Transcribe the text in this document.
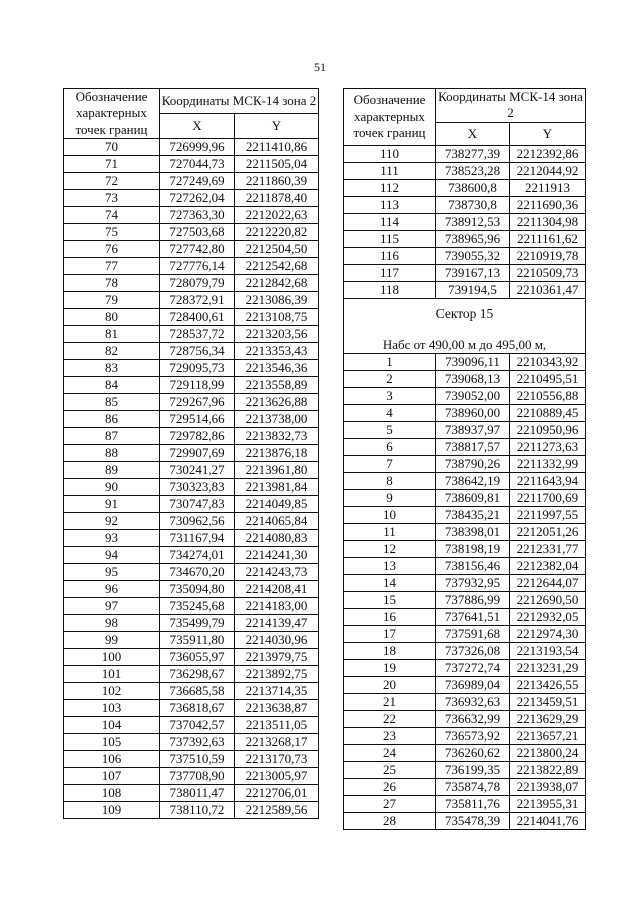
51
Обозначение характерных точек границ	Координаты МСК-14 зона 2	
	X	Y
70	726999,96	2211410,86
71	727044,73	2211505,04
72	727249,69	2211860,39
73	727262,04	2211878,40
74	727363,30	2212022,63
75	727503,68	2212220,82
76	727742,80	2212504,50
77	727776,14	2212542,68
78	728079,79	2212842,68
79	728372,91	2213086,39
80	728400,61	2213108,75
81	728537,72	2213203,56
82	728756,34	2213353,43
83	729095,73	2213546,36
84	729118,99	2213558,89
85	729267,96	2213626,88
86	729514,66	2213738,00
87	729782,86	2213832,73
88	729907,69	2213876,18
89	730241,27	2213961,80
90	730323,83	2213981,84
91	730747,83	2214049,85
92	730962,56	2214065,84
93	731167,94	2214080,83
94	734274,01	2214241,30
95	734670,20	2214243,73
96	735094,80	2214208,41
97	735245,68	2214183,00
98	735499,79	2214139,47
99	735911,80	2214030,96
100	736055,97	2213979,75
101	736298,67	2213892,75
102	736685,58	2213714,35
103	736818,67	2213638,87
104	737042,57	2213511,05
105	737392,63	2213268,17
106	737510,59	2213170,73
107	737708,90	2213005,97
108	738011,47	2212706,01
109	738110,72	2212589,56
Обозначение характерных точек границ	Координаты МСК-14 зона 2	
	X	Y
110	738277,39	2212392,86
111	738523,28	2212044,92
112	738600,8	2211913
113	738730,8	2211690,36
114	738912,53	2211304,98
115	738965,96	2211161,62
116	739055,32	2210919,78
117	739167,13	2210509,73
118	739194,5	2210361,47
Сектор 15		
Набс от 490,00 м до 495,00 м,		
1	739096,11	2210343,92
2	739068,13	2210495,51
3	739052,00	2210556,88
4	738960,00	2210889,45
5	738937,97	2210950,96
6	738817,57	2211273,63
7	738790,26	2211332,99
8	738642,19	2211643,94
9	738609,81	2211700,69
10	738435,21	2211997,55
11	738398,01	2212051,26
12	738198,19	2212331,77
13	738156,46	2212382,04
14	737932,95	2212644,07
15	737886,99	2212690,50
16	737641,51	2212932,05
17	737591,68	2212974,30
18	737326,08	2213193,54
19	737272,74	2213231,29
20	736989,04	2213426,55
21	736932,63	2213459,51
22	736632,99	2213629,29
23	736573,92	2213657,21
24	736260,62	2213800,24
25	736199,35	2213822,89
26	735874,78	2213938,07
27	735811,76	2213955,31
28	735478,39	2214041,76
